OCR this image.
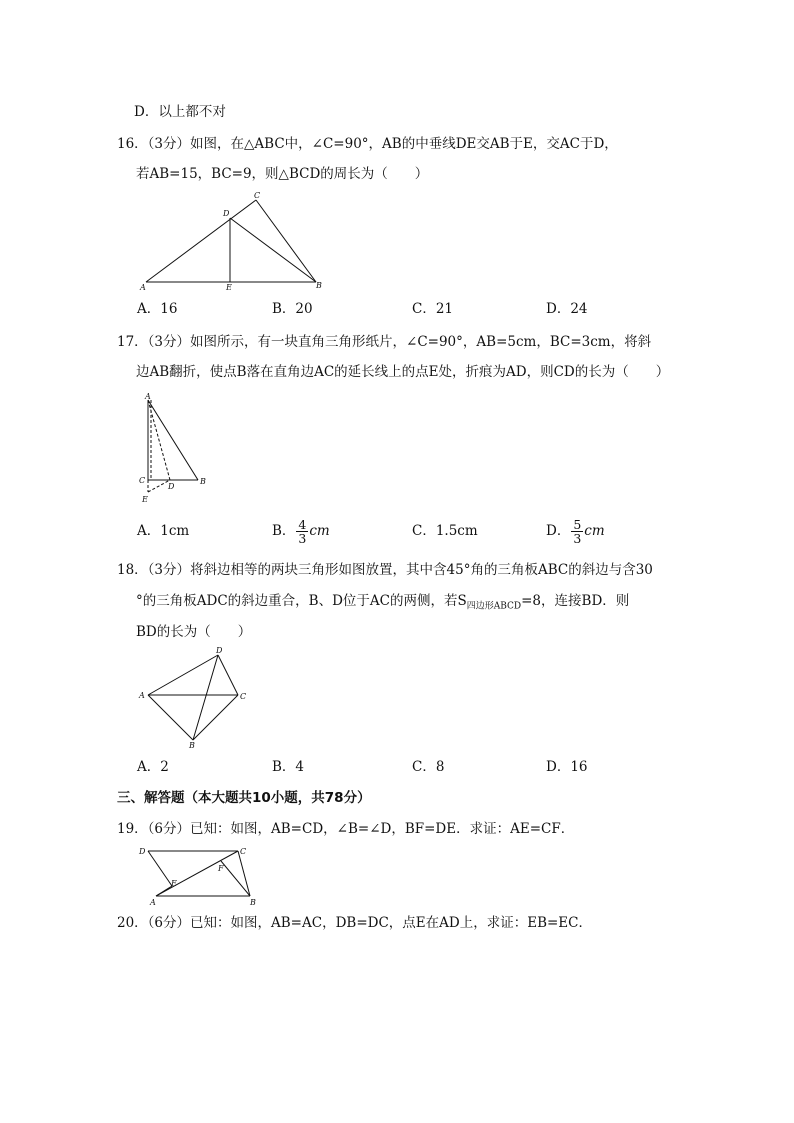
D．以上都不对
16．（3分）如图，在△ABC中，∠C=90°，AB的中垂线DE交AB于E，交AC于D，
若AB=15，BC=9，则△BCD的周长为（　　）
A	B
C
D
E
A．16	B．20	C．21	D．24
17．（3分）如图所示，有一块直角三角形纸片，∠C=90°，AB=5cm，BC=3cm，将斜
边AB翻折，使点B落在直角边AC的延长线上的点E处，折痕为AD，则CD的长为（　　）
A
B
C
D
E
A．1cm	B． $\frac{4}{3}$ cm	C．1.5cm	D． $\frac{5}{3}$ cm
18．（3分）将斜边相等的两块三角形如图放置，其中含45°角的三角板ABC的斜边与含30
°的三角板ADC的斜边重合，B、D位于AC的两侧，若$S_{四边形ABCD}=8$，连接BD．则
BD的长为（　　）
A
B
C
D
A．2	B．4	C．8	D．16
三、解答题（本大题共10小题，共78分）
19．（6分）已知：如图，AB=CD，∠B=∠D，BF=DE．求证：AE=CF．
D	C
A	B
E
F
20．（6分）已知：如图，AB=AC，DB=DC，点E在AD上，求证：EB=EC．
